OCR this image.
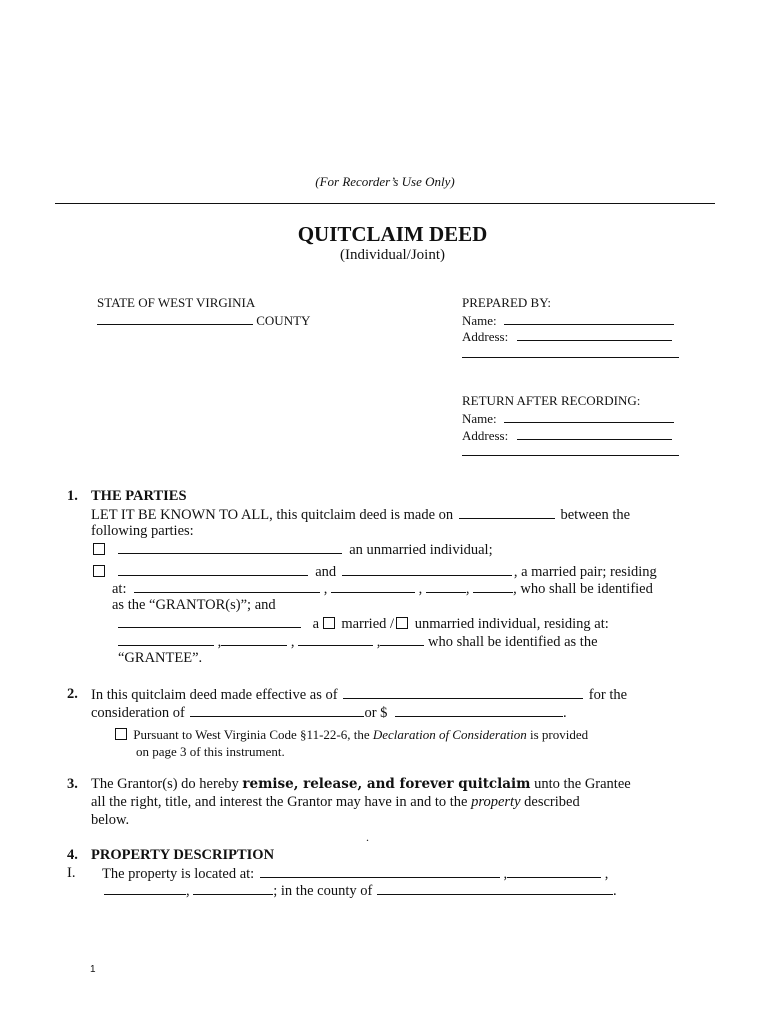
(For Recorder’s Use Only)
QUITCLAIM DEED
(Individual/Joint)
STATE OF WEST VIRGINIA
COUNTY
PREPARED BY:
Name:
Address:
RETURN AFTER RECORDING:
Name:
Address:
1. THE PARTIES
LET IT BE KNOWN TO ALL, this quitclaim deed is made on	between the
following parties:
an unmarried individual;
and	, a married pair; residing
at:	,	,	,	, who shall be identified
as the “GRANTOR(s)”; and
a married / unmarried individual, residing at:
,	,	,	who shall be identified as the
“GRANTEE”.
2. In this quitclaim deed made effective as of	for the
consideration of	or $	.
Pursuant to West Virginia Code §11-22-6, the Declaration of Consideration is provided
on page 3 of this instrument.
3. The Grantor(s) do hereby remise, release, and forever quitclaim unto the Grantee
all the right, title, and interest the Grantor may have in and to the property described
below.
.
4. PROPERTY DESCRIPTION
I. The property is located at:	,	,
,	; in the county of	.
1
